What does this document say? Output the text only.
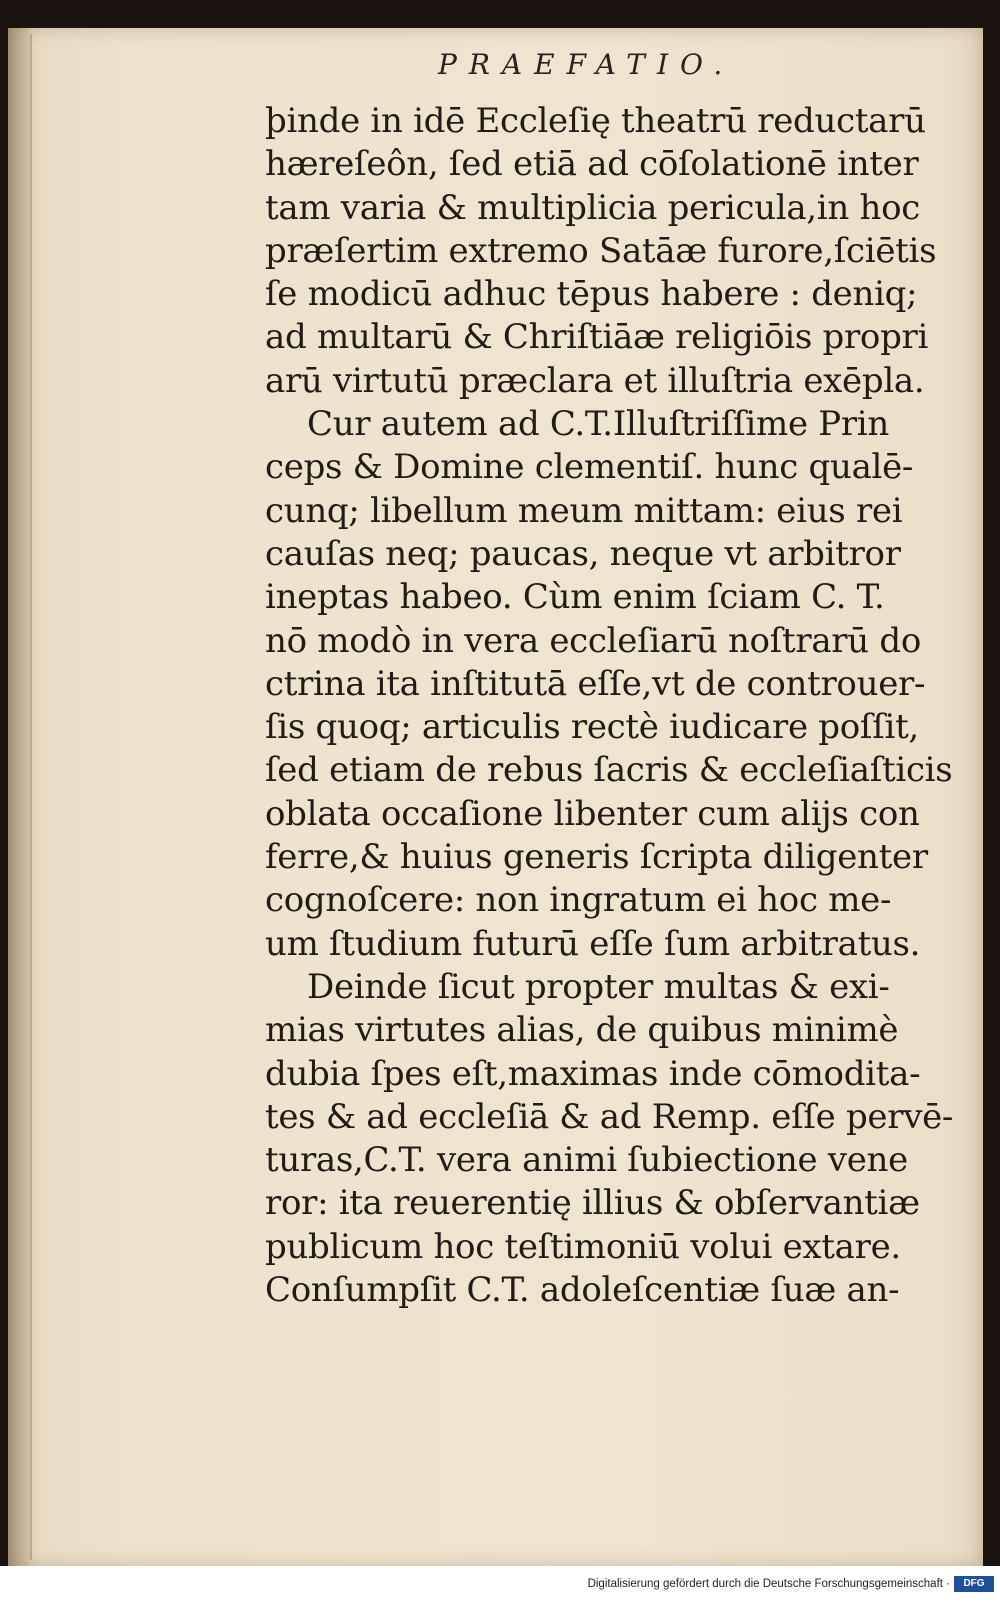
PRAEFATIO.
þinde in idē Eccleſię theatrū reductarū
hæreſeôn, ſed etiā ad cōſolationē inter
tam varia & multiplicia pericula,in hoc
præſertim extremo Satāæ furore,ſciētis
ſe modicū adhuc tēpus habere : deniq;
ad multarū & Chriſtiāæ religiōis propri
arū virtutū præclara et illuſtria exēpla.
Cur autem ad C.T.Illuſtriſſime Prin
ceps & Domine clementiſ. hunc qualē-
cunq; libellum meum mittam: eius rei
cauſas neq; paucas, neque vt arbitror
ineptas habeo. Cùm enim ſciam C. T.
nō modò in vera eccleſiarū noſtrarū do
ctrina ita inſtitutā eſſe,vt de controuer-
ſis quoq; articulis rectè iudicare poſſit,
ſed etiam de rebus ſacris & eccleſiaſticis
oblata occaſione libenter cum alijs con
ferre,& huius generis ſcripta diligenter
cognoſcere: non ingratum ei hoc me-
um ſtudium futurū eſſe ſum arbitratus.
Deinde ſicut propter multas & exi-
mias virtutes alias, de quibus minimè
dubia ſpes eſt,maximas inde cōmodita-
tes & ad eccleſiā & ad Remp. eſſe pervē-
turas,C.T. vera animi ſubiectione vene
ror: ita reuerentię illius & obſervantiæ
publicum hoc teſtimoniū volui extare.
Conſumpſit C.T. adoleſcentiæ ſuæ an-
Digitalisierung gefördert durch die Deutsche Forschungsgemeinschaft ·	DFG
